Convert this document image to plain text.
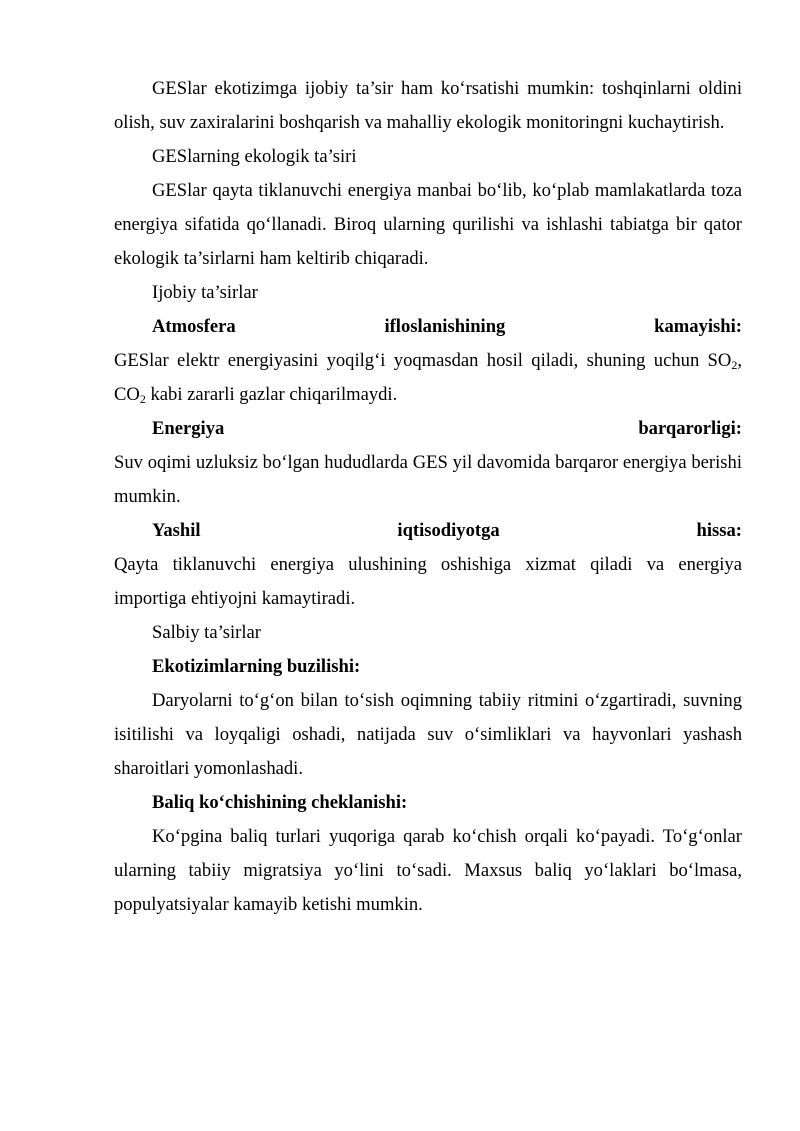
GESlar ekotizimga ijobiy ta’sir ham ko‘rsatishi mumkin: toshqinlarni oldini olish, suv zaxiralarini boshqarish va mahalliy ekologik monitoringni kuchaytirish.

GESlarning ekologik ta’siri

GESlar qayta tiklanuvchi energiya manbai bo‘lib, ko‘plab mamlakatlarda toza energiya sifatida qo‘llanadi. Biroq ularning qurilishi va ishlashi tabiatga bir qator ekologik ta’sirlarni ham keltirib chiqaradi.

Ijobiy ta’sirlar

Atmosfera	ifloslanishining	kamayishi:

GESlar elektr energiyasini yoqilg‘i yoqmasdan hosil qiladi, shuning uchun $SO_2$, $CO_2$ kabi zararli gazlar chiqarilmaydi.

Energiya	barqarorligi:

Suv oqimi uzluksiz bo‘lgan hududlarda GES yil davomida barqaror energiya berishi mumkin.

Yashil	iqtisodiyotga	hissa:

Qayta tiklanuvchi energiya ulushining oshishiga xizmat qiladi va energiya importiga ehtiyojni kamaytiradi.

Salbiy ta’sirlar

Ekotizimlarning buzilishi:

Daryolarni to‘g‘on bilan to‘sish oqimning tabiiy ritmini o‘zgartiradi, suvning isitilishi va loyqaligi oshadi, natijada suv o‘simliklari va hayvonlari yashash sharoitlari yomonlashadi.

Baliq ko‘chishining cheklanishi:

Ko‘pgina baliq turlari yuqoriga qarab ko‘chish orqali ko‘payadi. To‘g‘onlar ularning tabiiy migratsiya yo‘lini to‘sadi. Maxsus baliq yo‘laklari bo‘lmasa, populyatsiyalar kamayib ketishi mumkin.
